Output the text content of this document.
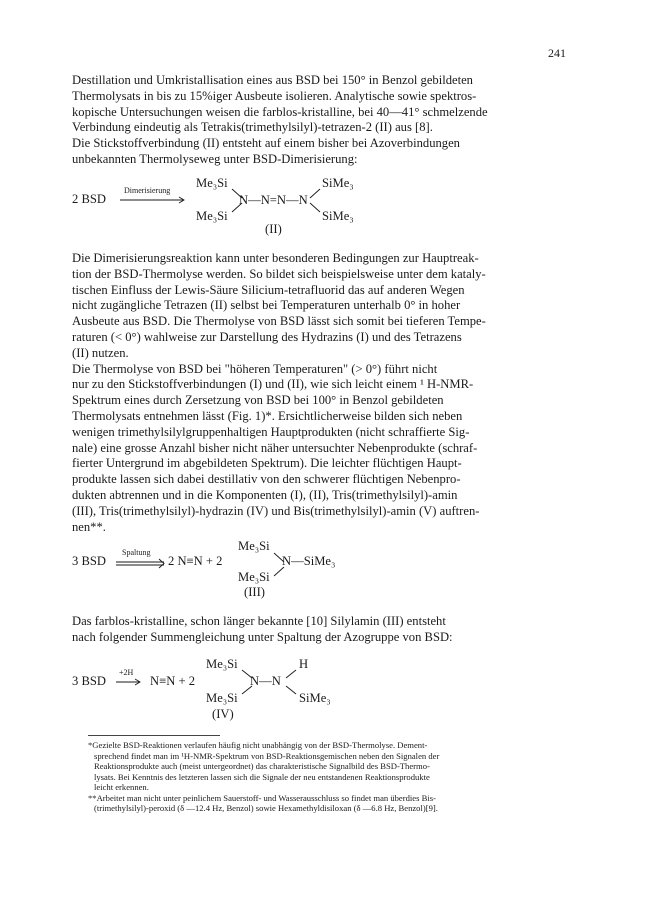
241
Destillation und Umkristallisation eines aus BSD bei 150° in Benzol gebildeten
Thermolysats in bis zu 15%iger Ausbeute isolieren. Analytische sowie spektros-
kopische Untersuchungen weisen die farblos-kristalline, bei 40—41° schmelzende
Verbindung eindeutig als Tetrakis(trimethylsilyl)-tetrazen-2 (II) aus [8].
Die Stickstoffverbindung (II) entsteht auf einem bisher bei Azoverbindungen
unbekannten Thermolyseweg unter BSD-Dimerisierung:
2 BSD
Dimerisierung
Me₃Si	SiMe₃
N—N=N—N
Me₃Si	SiMe₃
(II)
Die Dimerisierungsreaktion kann unter besonderen Bedingungen zur Hauptreak-
tion der BSD-Thermolyse werden. So bildet sich beispielsweise unter dem kataly-
tischen Einfluss der Lewis-Säure Silicium-tetrafluorid das auf anderen Wegen
nicht zugängliche Tetrazen (II) selbst bei Temperaturen unterhalb 0° in hoher
Ausbeute aus BSD. Die Thermolyse von BSD lässt sich somit bei tieferen Tempe-
raturen (< 0°) wahlweise zur Darstellung des Hydrazins (I) und des Tetrazens
(II) nutzen.
Die Thermolyse von BSD bei "höheren Temperaturen" (> 0°) führt nicht
nur zu den Stickstoffverbindungen (I) und (II), wie sich leicht einem ¹ H-NMR-
Spektrum eines durch Zersetzung von BSD bei 100° in Benzol gebildeten
Thermolysats entnehmen lässt (Fig. 1)*. Ersichtlicherweise bilden sich neben
wenigen trimethylsilylgruppenhaltigen Hauptprodukten (nicht schraffierte Sig-
nale) eine grosse Anzahl bisher nicht näher untersuchter Nebenprodukte (schraf-
fierter Untergrund im abgebildeten Spektrum). Die leichter flüchtigen Haupt-
produkte lassen sich dabei destillativ von den schwerer flüchtigen Nebenpro-
dukten abtrennen und in die Komponenten (I), (II), Tris(trimethylsilyl)-amin
(III), Tris(trimethylsilyl)-hydrazin (IV) und Bis(trimethylsilyl)-amin (V) auftren-
nen**.
3 BSD
Spaltung
2 N≡N + 2
Me₃Si
N—SiMe₃
Me₃Si
(III)
Das farblos-kristalline, schon länger bekannte [10] Silylamin (III) entsteht
nach folgender Summengleichung unter Spaltung der Azogruppe von BSD:
3 BSD
+2H
N≡N + 2
Me₃Si	H
N—N
Me₃Si	SiMe₃
(IV)
*Gezielte BSD-Reaktionen verlaufen häufig nicht unabhängig von der BSD-Thermolyse. Dement-
sprechend findet man im ¹H-NMR-Spektrum von BSD-Reaktionsgemischen neben den Signalen der
Reaktionsprodukte auch (meist untergeordnet) das charakteristische Signalbild des BSD-Thermo-
lysats. Bei Kenntnis des letzteren lassen sich die Signale der neu entstandenen Reaktionsprodukte
leicht erkennen.
**Arbeitet man nicht unter peinlichem Sauerstoff- und Wasserausschluss so findet man überdies Bis-
(trimethylsilyl)-peroxid (δ —12.4 Hz, Benzol) sowie Hexamethyldisiloxan (δ —6.8 Hz, Benzol)[9].
